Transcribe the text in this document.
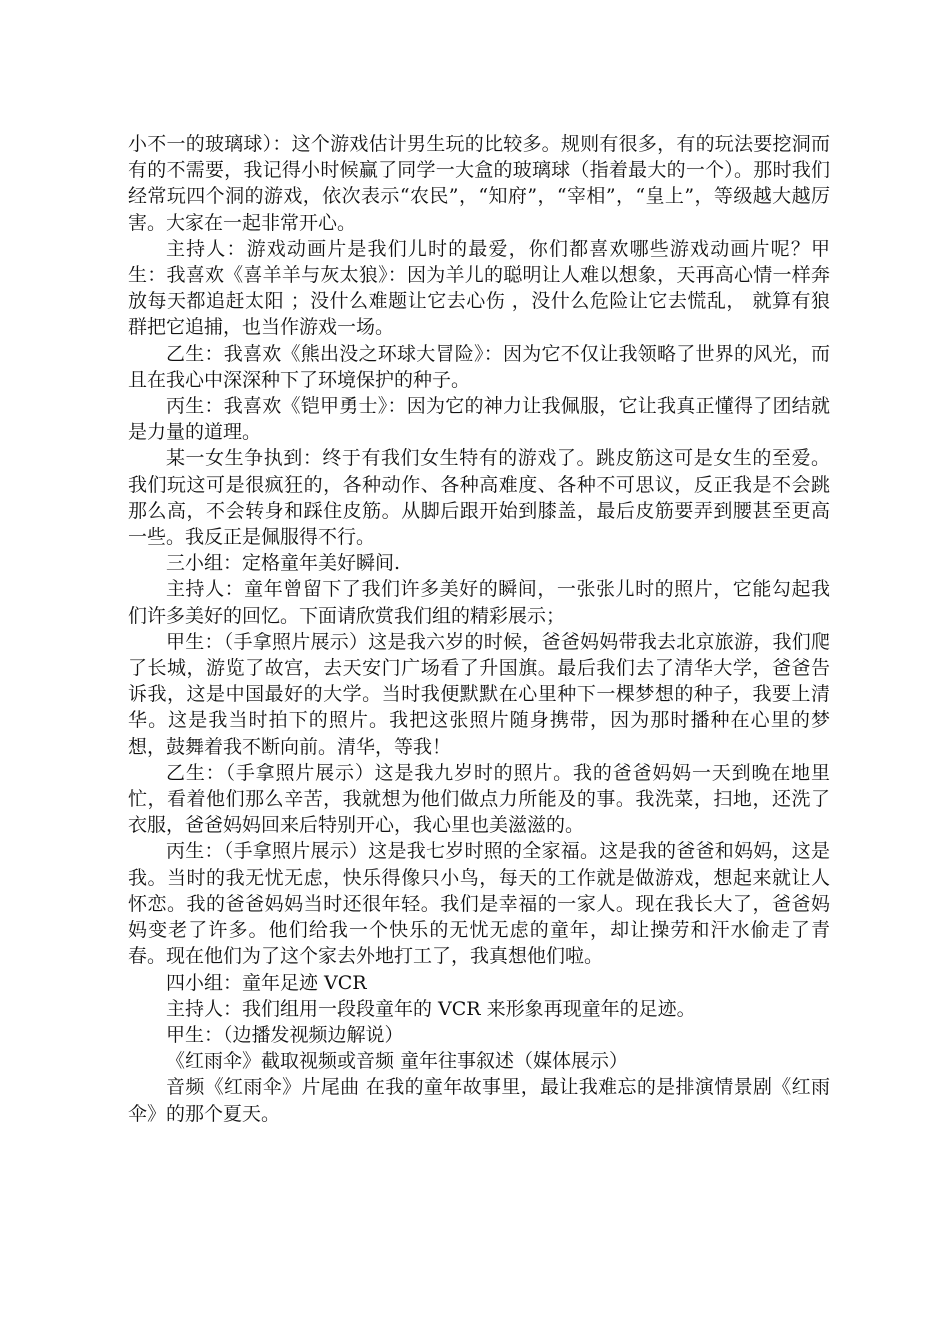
小不一的玻璃球）：这个游戏估计男生玩的比较多。规则有很多，有的玩法要挖洞而有的不需要，我记得小时候赢了同学一大盒的玻璃球（指着最大的一个）。那时我们经常玩四个洞的游戏，依次表示“农民”，“知府”，“宰相”，“皇上”，等级越大越厉害。大家在一起非常开心。

主持人：游戏动画片是我们儿时的最爱，你们都喜欢哪些游戏动画片呢？甲生：我喜欢《喜羊羊与灰太狼》：因为羊儿的聪明让人难以想象，天再高心情一样奔放每天都追赶太阳 ；没什么难题让它去心伤 ，没什么危险让它去慌乱， 就算有狼群把它追捕，也当作游戏一场。

乙生：我喜欢《熊出没之环球大冒险》：因为它不仅让我领略了世界的风光，而且在我心中深深种下了环境保护的种子。

丙生：我喜欢《铠甲勇士》：因为它的神力让我佩服，它让我真正懂得了团结就是力量的道理。

某一女生争执到：终于有我们女生特有的游戏了。跳皮筋这可是女生的至爱。我们玩这可是很疯狂的，各种动作、各种高难度、各种不可思议，反正我是不会跳那么高，不会转身和踩住皮筋。从脚后跟开始到膝盖，最后皮筋要弄到腰甚至更高一些。我反正是佩服得不行。

三小组：定格童年美好瞬间.

主持人：童年曾留下了我们许多美好的瞬间，一张张儿时的照片，它能勾起我们许多美好的回忆。下面请欣赏我们组的精彩展示；

甲生：（手拿照片展示）这是我六岁的时候，爸爸妈妈带我去北京旅游，我们爬了长城，游览了故宫，去天安门广场看了升国旗。最后我们去了清华大学，爸爸告诉我，这是中国最好的大学。当时我便默默在心里种下一棵梦想的种子，我要上清华。这是我当时拍下的照片。我把这张照片随身携带，因为那时播种在心里的梦想，鼓舞着我不断向前。清华，等我！

乙生：（手拿照片展示）这是我九岁时的照片。我的爸爸妈妈一天到晚在地里忙，看着他们那么辛苦，我就想为他们做点力所能及的事。我洗菜，扫地，还洗了衣服，爸爸妈妈回来后特别开心，我心里也美滋滋的。

丙生：（手拿照片展示）这是我七岁时照的全家福。这是我的爸爸和妈妈，这是我。当时的我无忧无虑，快乐得像只小鸟，每天的工作就是做游戏，想起来就让人怀恋。我的爸爸妈妈当时还很年轻。我们是幸福的一家人。现在我长大了，爸爸妈妈变老了许多。他们给我一个快乐的无忧无虑的童年，却让操劳和汗水偷走了青春。现在他们为了这个家去外地打工了，我真想他们啦。

四小组：童年足迹 VCR

主持人：我们组用一段段童年的 VCR 来形象再现童年的足迹。

甲生：（边播发视频边解说）

《红雨伞》截取视频或音频 童年往事叙述（媒体展示）

音频《红雨伞》片尾曲 在我的童年故事里，最让我难忘的是排演情景剧《红雨伞》的那个夏天。
